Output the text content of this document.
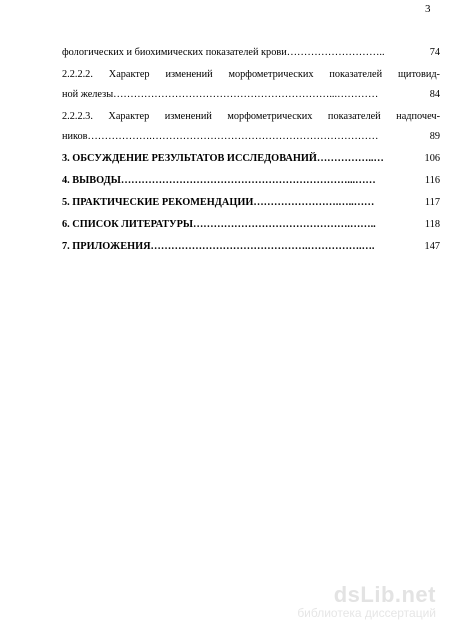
3
фологических и биохимических показателей крови………………………..	74
2.2.2.2. Характер изменений морфометрических показателей щитовид-
ной железы………………………………………………………...…………	84
2.2.2.3. Характер изменений морфометрических показателей надпочеч-
ников……………….…………………………………………………………	89
3. ОБСУЖДЕНИЕ РЕЗУЛЬТАТОВ ИССЛЕДОВАНИЙ……………..…	106
4. ВЫВОДЫ…………………………………………………………...……	116
5. ПРАКТИЧЕСКИЕ РЕКОМЕНДАЦИИ…………………….…..……	117
6. СПИСОК ЛИТЕРАТУРЫ……………………………………….……..	118
7. ПРИЛОЖЕНИЯ……………………………………….…………….….	147
dsLib.net
библиотека диссертаций
